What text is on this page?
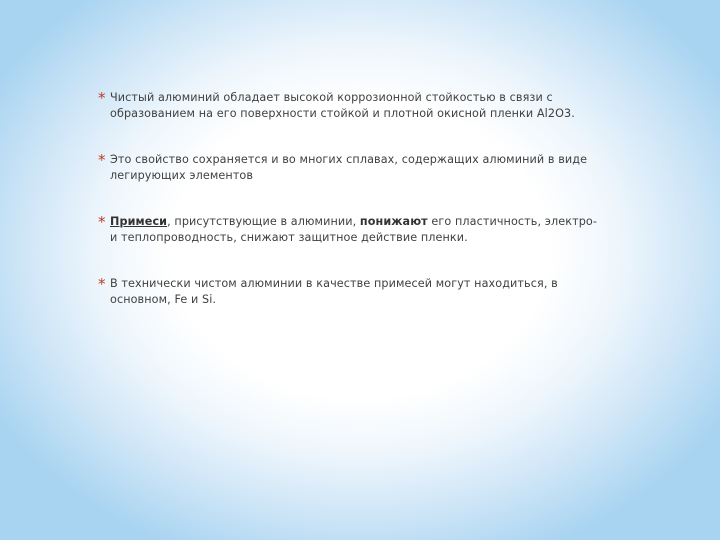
* Чистый алюминий обладает высокой коррозионной стойкостью в связи с образованием на его поверхности стойкой и плотной окисной пленки Al2O3.
* Это свойство сохраняется и во многих сплавах, содержащих алюминий в виде легирующих элементов
* Примеси, присутствующие в алюминии, понижают его пластичность, электро- и теплопроводность, снижают защитное действие пленки.
* В технически чистом алюминии в качестве примесей могут находиться, в основном, Fe и Si.
